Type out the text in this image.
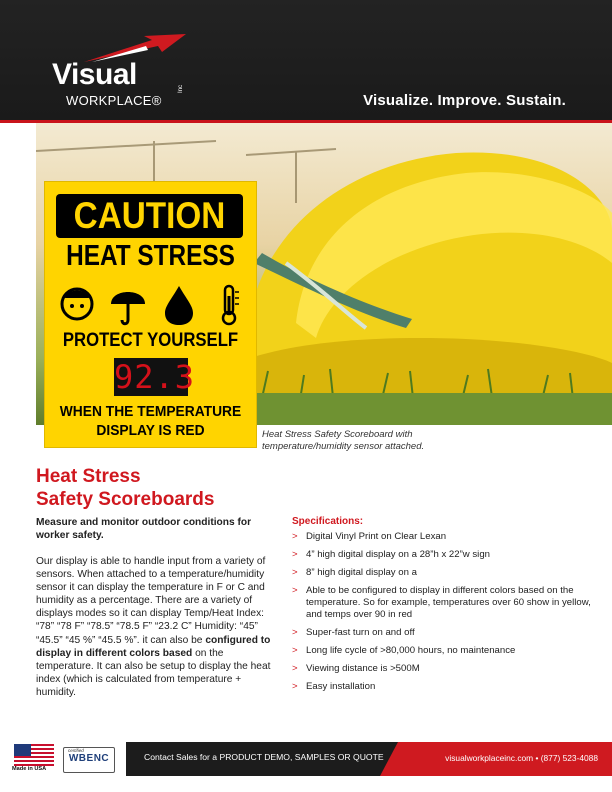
Visual
WORKPLACE®
Inc
Visualize. Improve. Sustain.
CAUTION
HEAT STRESS
PROTECT YOURSELF
92.3
WHEN THE TEMPERATURE
DISPLAY IS RED	Heat Stress Safety Scoreboard with
temperature/humidity sensor attached.
Heat Stress
Safety Scoreboards
Measure and monitor outdoor conditions for worker safety.
Our display is able to handle input from a variety of sensors. When attached to a temperature/humidity sensor it can display the temperature in F or C and humidity as a percentage. There are a variety of displays modes so it can display Temp/Heat Index: “78” “78 F” “78.5” “78.5 F” “23.2 C” Humidity: “45” “45.5” “45 %” “45.5 %”. it can also be configured to display in different colors based on the temperature. It can also be setup to display the heat index (which is calculated from temperature + humidity.
Specifications:
> Digital Vinyl Print on Clear Lexan
> 4” high digital display on a 28”h x 22”w sign
> 8” high digital display on a
> Able to be configured to display in different colors based on the temperature. So for example, temperatures over 60 show in yellow, and temps over 90 in red
> Super-fast turn on and off
> Long life cycle of >80,000 hours, no maintenance
> Viewing distance is >500M
> Easy installation
Made in USA
certified
WBENC	Contact Sales for a PRODUCT DEMO, SAMPLES OR QUOTE	visualworkplaceinc.com • (877) 523-4088
